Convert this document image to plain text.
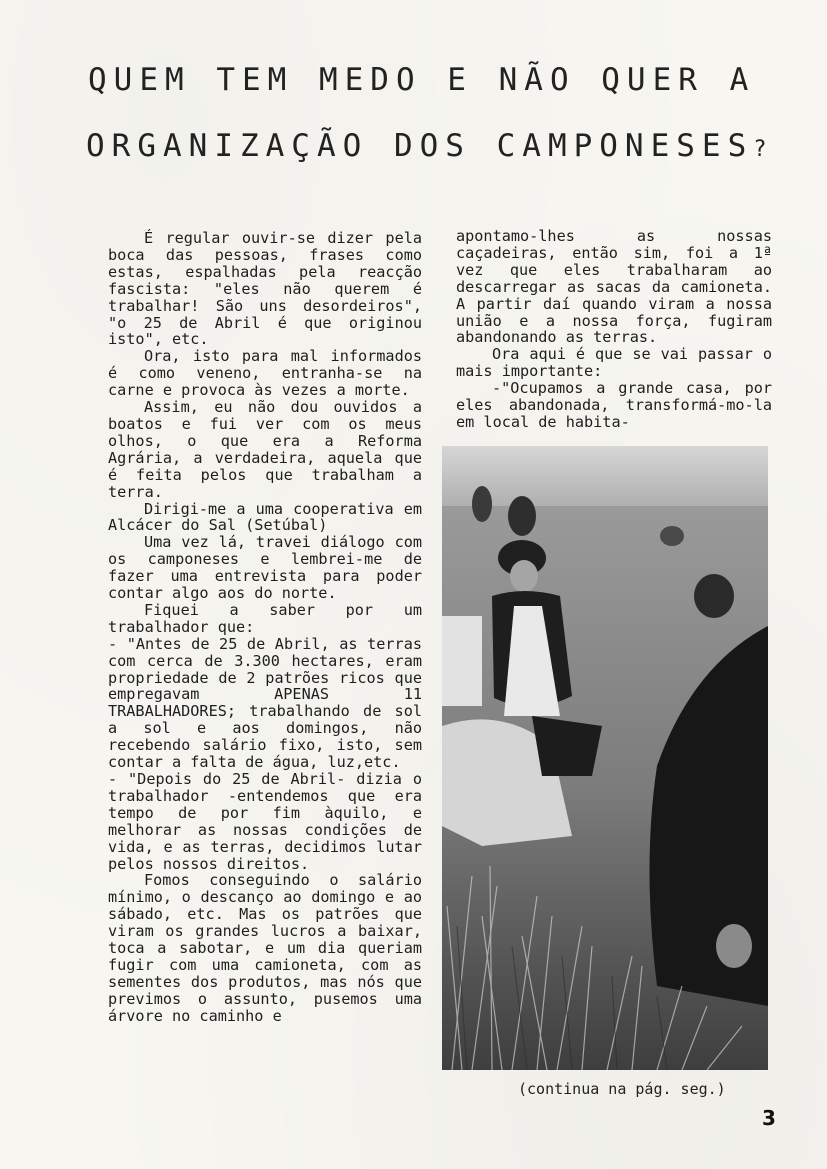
QUEM TEM MEDO E NÃO QUER A
ORGANIZAÇÃO DOS CAMPONESES?

É regular ouvir-se dizer pela boca das pessoas, frases como estas, espalhadas pela reacção fascista: "eles não querem é trabalhar! São uns desordeiros", "o 25 de Abril é que originou isto", etc.

Ora, isto para mal informados é como veneno, entranha-se na carne e provoca às vezes a morte.

Assim, eu não dou ouvidos a boatos e fui ver com os meus olhos, o que era a Reforma Agrária, a verdadeira, aquela que é feita pelos que trabalham a terra.

Dirigi-me a uma cooperativa em Alcácer do Sal (Setúbal)

Uma vez lá, travei diálogo com os camponeses e lembrei-me de fazer uma entrevista para poder contar algo aos do norte.

Fiquei a saber por um trabalhador que:

- "Antes de 25 de Abril, as terras com cerca de 3.300 hectares, eram propriedade de 2 patrões ricos que empregavam APENAS 11 TRABALHADORES; trabalhando de sol a sol e aos domingos, não recebendo salário fixo, isto, sem contar a falta de água, luz,etc.

- "Depois do 25 de Abril- dizia o trabalhador -entendemos que era tempo de por fim àquilo, e melhorar as nossas condições de vida, e as terras, decidimos lutar pelos nossos direitos.

Fomos conseguindo o salário mínimo, o descanço ao domingo e ao sábado, etc. Mas os patrões que viram os grandes lucros a baixar, toca a sabotar, e um dia queriam fugir com uma camioneta, com as sementes dos produtos, mas nós que previmos o assunto, pusemos uma árvore no caminho e

apontamo-lhes as nossas caçadeiras, então sim, foi a 1ª vez que eles trabalharam ao descarregar as sacas da camioneta. A partir daí quando viram a nossa união e a nossa força, fugiram abandonando as terras.

Ora aqui é que se vai passar o mais importante:

-"Ocupamos a grande casa, por eles abandonada, transformá-mo-la em local de habita-

(continua na pág. seg.)
3
